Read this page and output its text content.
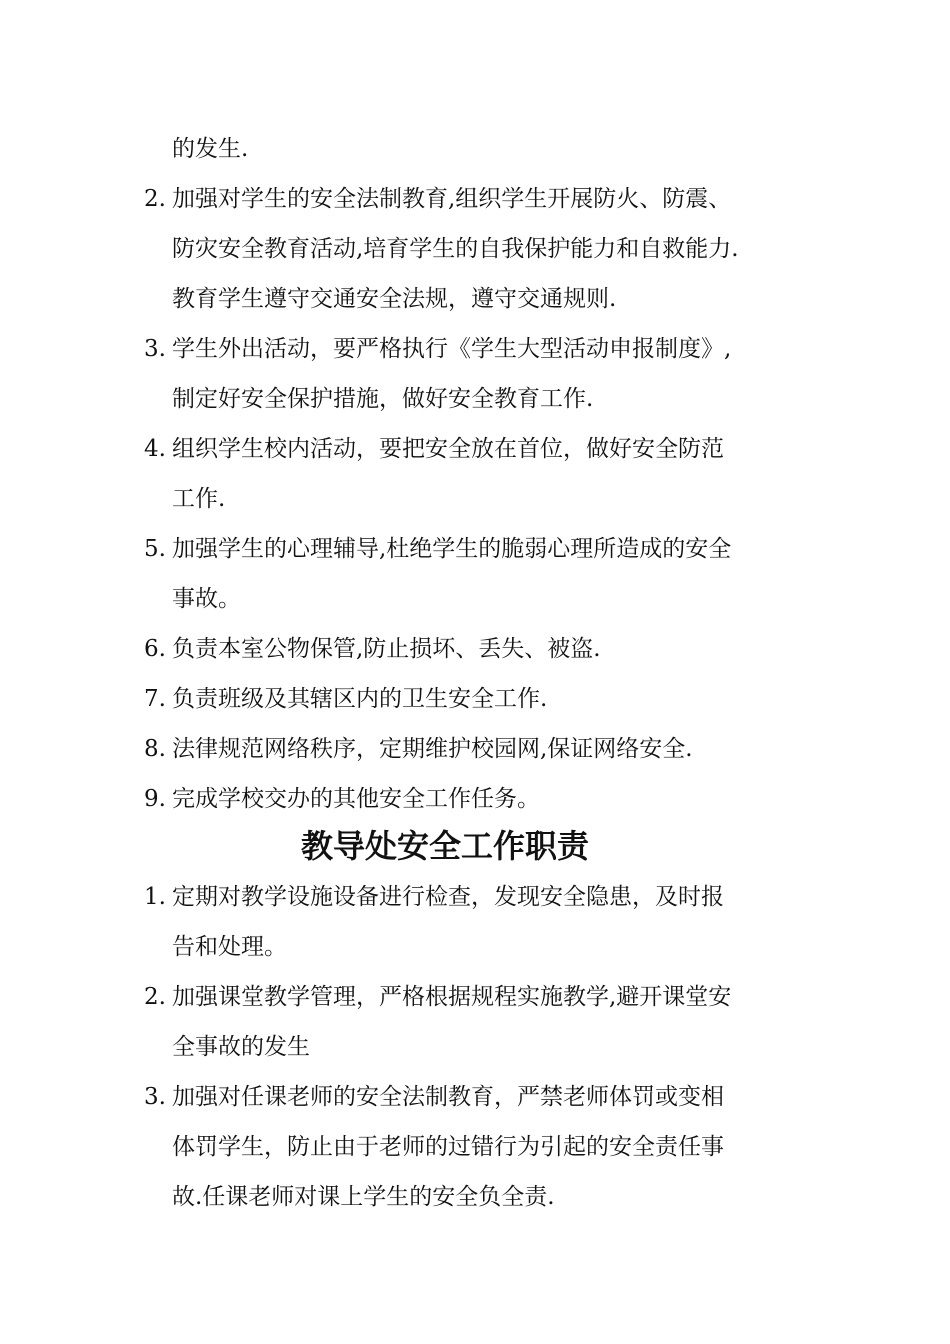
的发生.
2. 加强对学生的安全法制教育,组织学生开展防火、防震、
防灾安全教育活动,培育学生的自我保护能力和自救能力.
教育学生遵守交通安全法规，遵守交通规则.
3. 学生外出活动，要严格执行《学生大型活动申报制度》,
制定好安全保护措施，做好安全教育工作.
4. 组织学生校内活动，要把安全放在首位，做好安全防范
工作.
5. 加强学生的心理辅导,杜绝学生的脆弱心理所造成的安全
事故。
6. 负责本室公物保管,防止损坏、丢失、被盗.
7. 负责班级及其辖区内的卫生安全工作.
8. 法律规范网络秩序，定期维护校园网,保证网络安全.
9. 完成学校交办的其他安全工作任务。
教导处安全工作职责
1. 定期对教学设施设备进行检查，发现安全隐患，及时报
告和处理。
2. 加强课堂教学管理，严格根据规程实施教学,避开课堂安
全事故的发生
3. 加强对任课老师的安全法制教育，严禁老师体罚或变相
体罚学生，防止由于老师的过错行为引起的安全责任事
故.任课老师对课上学生的安全负全责.
